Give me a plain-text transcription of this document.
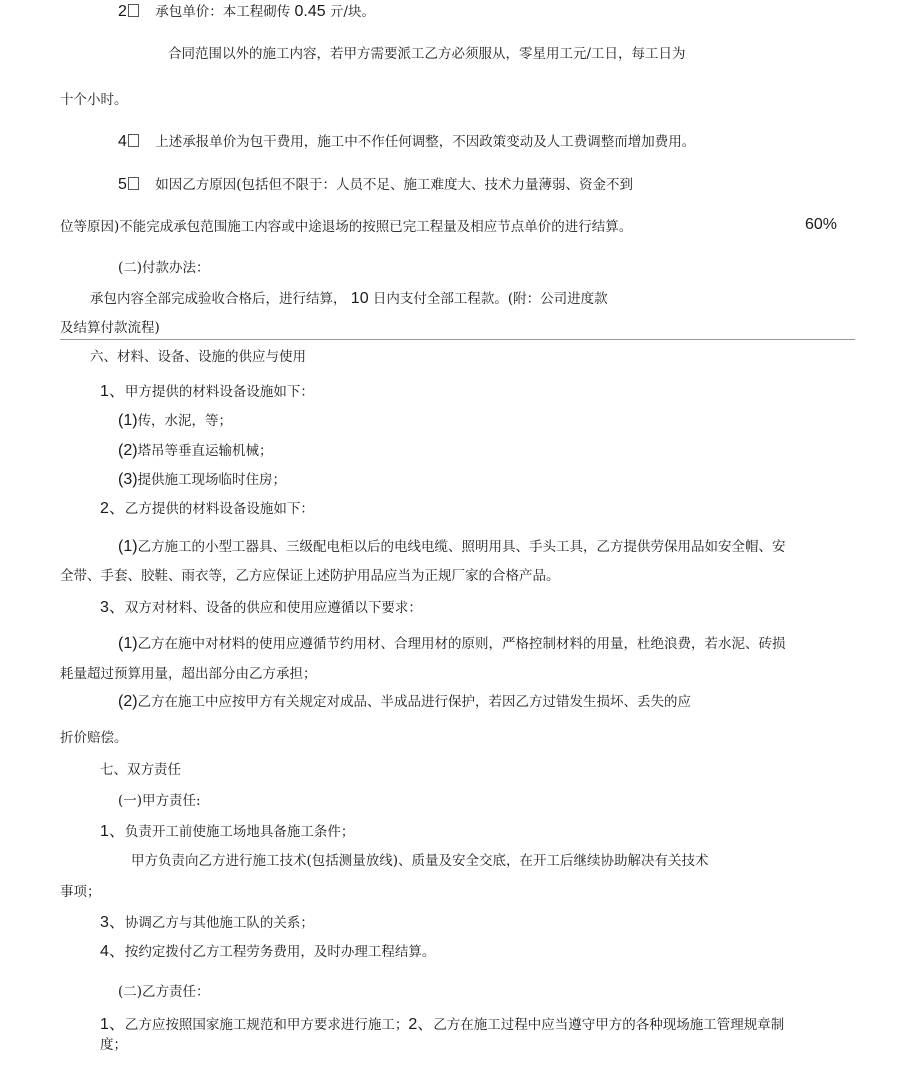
2 承包单价：本工程砌传 0.45 亓/块。
合同范围以外的施工内容，若甲方需要派工乙方必须服从，零星用工元/工日，每工日为
十个小时。
4 上述承报单价为包干费用，施工中不作任何调整，不因政策变动及人工费调整而增加费用。
5 如因乙方原因(包括但不限于：人员不足、施工难度大、技术力量薄弱、资金不到
位等原因)不能完成承包范围施工内容或中途退场的按照已完工程量及相应节点单价的进行结算。	60%
(二)付款办法：
承包内容全部完成验收合格后，进行结算， 10 日内支付全部工程款。(附：公司进度款
及结算付款流程)
六、材料、设备、设施的供应与使用
1、甲方提供的材料设备设施如下：
(1)传，水泥，等；
(2)塔吊等垂直运输机械；
(3)提供施工现场临时住房；
2、乙方提供的材料设备设施如下：
(1)乙方施工的小型工器具、三级配电柜以后的电线电缆、照明用具、手头工具，乙方提供劳保用品如安全帽、安
全带、手套、胶鞋、雨衣等，乙方应保证上述防护用品应当为正规厂家的合格产品。
3、双方对材料、设备的供应和使用应遵循以下要求：
(1)乙方在施中对材料的使用应遵循节约用材、合理用材的原则，严格控制材料的用量，杜绝浪费，若水泥、砖损
耗量超过预算用量，超出部分由乙方承担；
(2)乙方在施工中应按甲方有关规定对成品、半成品进行保护，若因乙方过错发生损坏、丢失的应
折价赔偿。
七、双方责任
(一)甲方责任:
1、负责开工前使施工场地具备施工条件；
甲方负责向乙方进行施工技术(包括测量放线)、质量及安全交底，在开工后继续协助解决有关技术
事项；
3、协调乙方与其他施工队的关系；
4、按约定拨付乙方工程劳务费用，及时办理工程结算。
(二)乙方责任：
1、乙方应按照国家施工规范和甲方要求进行施工；2、乙方在施工过程中应当遵守甲方的各种现场施工管理规章制
度；
